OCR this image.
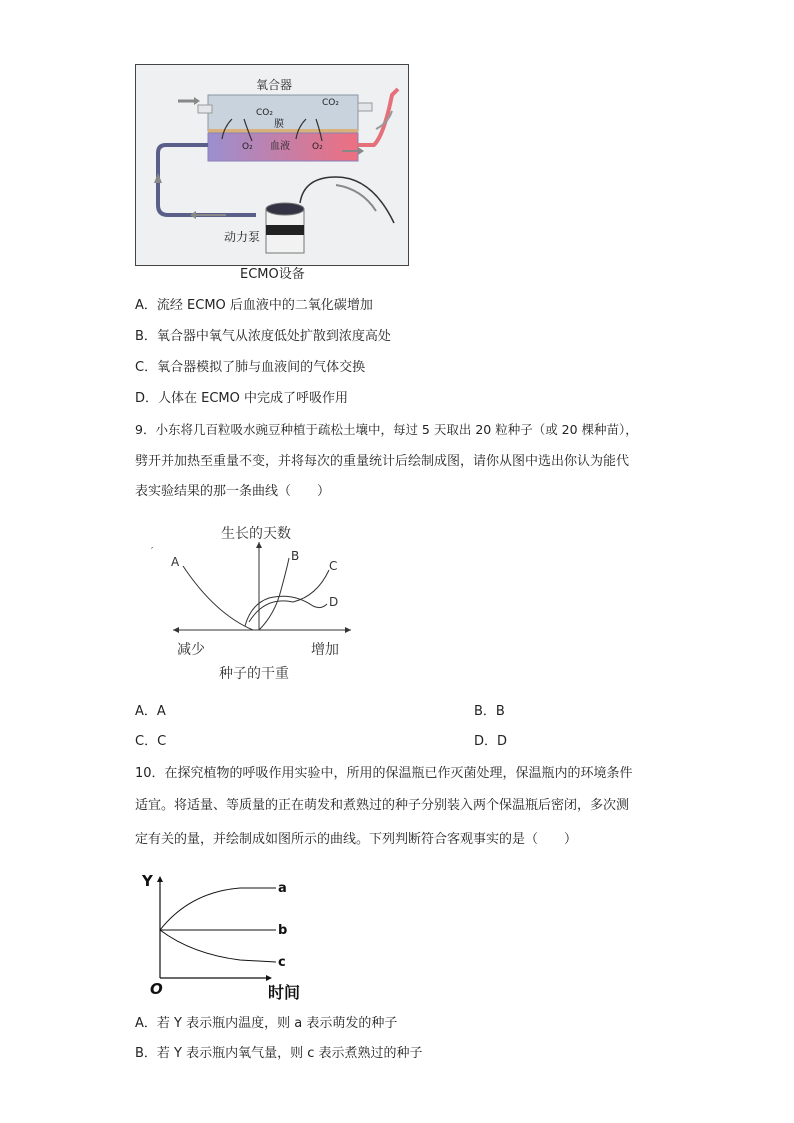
氧合器
CO₂
CO₂
膜
血液
O₂	O₂
动力泵
ECMO设备
A．流经 ECMO 后血液中的二氧化碳增加
B．氧合器中氧气从浓度低处扩散到浓度高处
C．氧合器模拟了肺与血液间的气体交换
D．人体在 ECMO 中完成了呼吸作用
9．小东将几百粒吸水豌豆种植于疏松土壤中，每过 5 天取出 20 粒种子（或 20 棵种苗），
劈开并加热至重量不变，并将每次的重量统计后绘制成图，请你从图中选出你认为能代
表实验结果的那一条曲线（　　）
′
A	B
C
D
生长的天数
减少	增加
种子的干重
A．A	B．B
C．C	D．D
10．在探究植物的呼吸作用实验中，所用的保温瓶已作灭菌处理，保温瓶内的环境条件
适宜。将适量、等质量的正在萌发和煮熟过的种子分别装入两个保温瓶后密闭，多次测
定有关的量，并绘制成如图所示的曲线。下列判断符合客观事实的是（　　）
Y	a
b
c
O	时间
A．若 Y 表示瓶内温度，则 a 表示萌发的种子
B．若 Y 表示瓶内氧气量，则 c 表示煮熟过的种子
